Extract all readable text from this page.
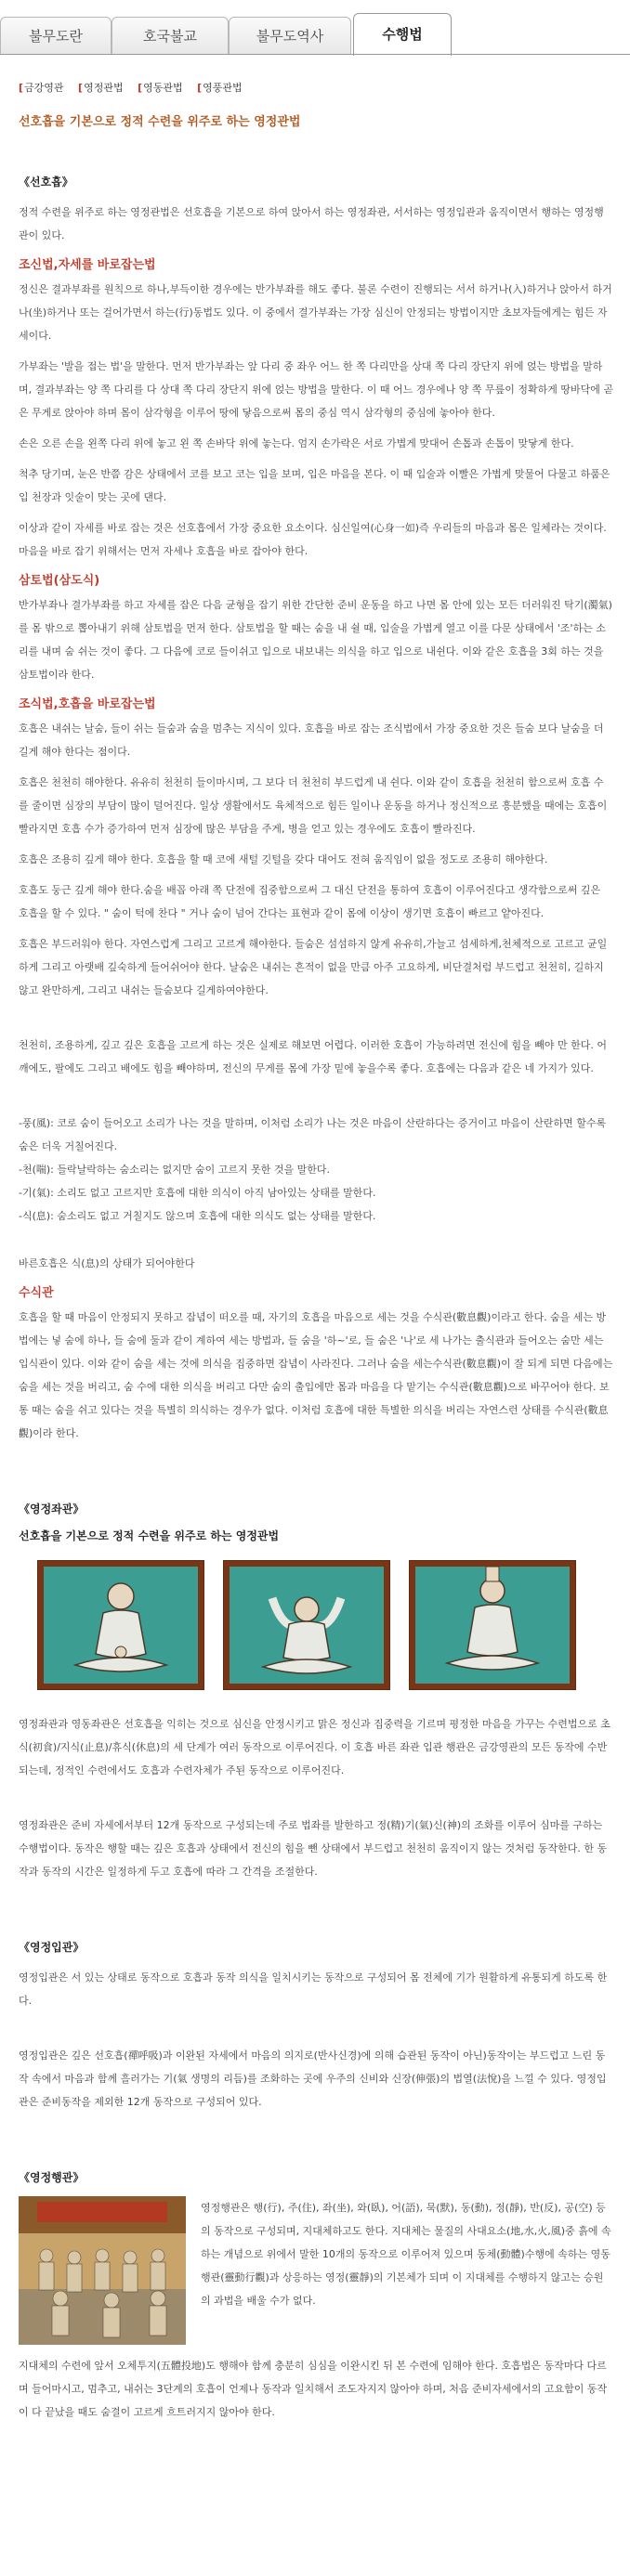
불무도란	호국불교	불무도역사	수행법
[ 금강영관 [ 영정관법 [ 영동관법 [ 영풍관법
선호흡을 기본으로 정적 수련을 위주로 하는 영정관법
《선호흡》

정적 수련을 위주로 하는 영정관법은 선호흡을 기본으로 하여 앉아서 하는 영정좌관, 서서하는 영정입관과 움직이면서 행하는 영정행관이 있다.

조신법,자세를 바로잡는법

정신은 결과부좌를 원칙으로 하나,부득이한 경우에는 반가부좌를 해도 좋다. 불론 수련이 진행되는 서서 하거나(入)하거나 앉아서 하거나(坐)하거나 또는 걸어가면서 하는(行)동법도 있다. 이 중에서 결가부좌는 가장 심신이 안정되는 방법이지만 초보자들에게는 힘든 자세이다.

가부좌는 '발을 접는 법'을 말한다. 먼저 반가부좌는 앞 다리 중 좌우 어느 한 쪽 다리만을 상대 쪽 다리 장단지 위에 얹는 방법을 말하며, 결과부좌는 양 쪽 다리를 다 상대 쪽 다리 장단지 위에 얹는 방법을 말한다. 이 때 어느 경우에나 양 쪽 무릎이 정확하게 땅바닥에 곧은 무게로 앉아야 하며 몸이 삼각형을 이루어 땅에 닿음으로써 몸의 중심 역시 삼각형의 중심에 놓아야 한다.

손은 오른 손을 왼쪽 다리 위에 놓고 왼 쪽 손바닥 위에 놓는다. 엄지 손가락은 서로 가볍게 맞대어 손톱과 손톱이 맞닿게 한다.

척추 당기며, 눈은 반쯤 감은 상태에서 코를 보고 코는 입을 보며, 입은 마음을 본다. 이 때 입술과 이빨은 가볍게 맞물어 다물고 하품은 입 천장과 잇술이 맞는 곳에 댄다.

이상과 같이 자세를 바로 잡는 것은 선호흡에서 가장 중요한 요소이다. 심신일여(心身一如)즉 우리들의 마음과 몸은 일체라는 것이다. 마음을 바로 잡기 위해서는 먼저 자세나 호흡을 바로 잡아야 한다.

삼토법(삼도식)

반가부좌나 결가부좌를 하고 자세를 잡은 다음 균형을 잡기 위한 간단한 준비 운동을 하고 나면 몸 안에 있는 모든 더러워진 탁기(濁氣)를 몸 밖으로 뽑아내기 위해 삼토법을 먼저 한다. 삼토법을 할 때는 숨을 내 쉴 때, 입술을 가볍게 열고 이를 다문 상태에서 '조'하는 소리를 내며 숨 쉬는 것이 좋다. 그 다음에 코로 들이쉬고 입으로 내보내는 의식을 하고 입으로 내쉰다. 이와 같은 호흡을 3회 하는 것을 삼토법이라 한다.

조식법,호흡을 바로잡는법

호흡은 내쉬는 날숨, 들이 쉬는 들숨과 숨을 멈추는 지식이 있다. 호흡을 바로 잡는 조식법에서 가장 중요한 것은 들숨 보다 날숨을 더 길게 해야 한다는 점이다.

호흡은 천천히 해야한다. 유유히 천천히 들이마시며, 그 보다 더 천천히 부드럽게 내 쉰다. 이와 같이 호흡을 천천히 함으로써 호흡 수를 줄이면 심장의 부담이 많이 덜어진다. 일상 생활에서도 육체적으로 힘든 일이나 운동을 하거나 정신적으로 흥분했을 때에는 호흡이 빨라지면 호흡 수가 증가하여 먼저 심장에 많은 부담을 주게, 병을 얻고 있는 경우에도 호흡이 빨라진다.

호흡은 조용히 깊게 해야 한다. 호흡을 할 때 코에 새털 깃털을 갖다 대어도 전혀 움직임이 없을 정도로 조용히 해야한다.

호흡도 둥근 깊게 해야 한다.숨을 배꼽 아래 쪽 단전에 집중함으로써 그 대신 단전을 통하여 호흡이 이루어진다고 생각함으로써 깊은 호흡을 할 수 있다. " 숨이 턱에 찬다 " 거나 숨이 넘어 간다는 표현과 같이 몸에 이상이 생기면 호흡이 빠르고 얕아진다.

호흡은 부드러워야 한다. 자연스럽게 그리고 고르게 해야한다. 들숨은 섬섬하지 않게 유유히,가늘고 섬세하게,천체적으로 고르고 균일하게 그리고 아랫배 깊숙하게 들어쉬어야 한다. 날숨은 내쉬는 흔적이 없을 만큼 아주 고요하게, 비단결처럼 부드럽고 천천히, 길하지 않고 완만하게, 그리고 내쉬는 들숨보다 길게하여야한다.

천천히, 조용하게, 깊고 깊은 호흡을 고르게 하는 것은 실제로 해보면 어렵다. 이러한 호흡이 가능하려면 전신에 힘을 빼야 만 한다. 어깨에도, 팔에도 그리고 배에도 힘을 빼야하며, 전신의 무게를 몸에 가장 밑에 놓을수록 좋다. 호흡에는 다음과 같은 네 가지가 있다.

-풍(風): 코로 숨이 들어오고 소리가 나는 것을 말하며, 이처럼 소리가 나는 것은 마음이 산란하다는 증거이고 마음이 산란하면 할수록 숨은 더욱 거칠어진다.

-천(喘): 들락날락하는 숨소리는 없지만 숨이 고르지 못한 것을 말한다.

-기(氣): 소리도 없고 고르지만 호흡에 대한 의식이 아직 남아있는 상태를 말한다.

-식(息): 숨소리도 없고 거칠지도 않으며 호흡에 대한 의식도 없는 상태를 말한다.

바른호흡은 식(息)의 상태가 되어야한다

수식관

호흡을 할 때 마음이 안정되지 못하고 잡념이 떠오를 때, 자기의 호흡을 마음으로 세는 것을 수식관(數息觀)이라고 한다. 숨을 세는 방법에는 넣 숨에 하나, 들 숨에 둘과 같이 계하여 세는 방법과, 들 숨을 '하~'로, 들 숨은 '나'로 세 나가는 출식관과 들어오는 숨만 세는 입식관이 있다. 이와 같이 숨을 세는 것에 의식을 집중하면 잡념이 사라진다. 그러나 숨을 세는수식관(數息觀)이 잘 되게 되면 다음에는 숨을 세는 것을 버리고, 숨 수에 대한 의식을 버리고 다만 숨의 출입에만 몸과 마음을 다 맡기는 수식관(數息觀)으로 바꾸어야 한다. 보통 때는 숨을 쉬고 있다는 것을 특별히 의식하는 경우가 없다. 이처럼 호흡에 대한 특별한 의식을 버리는 자연스런 상태를 수식관(數息觀)이라 한다.

《영정좌관》
선호흡을 기본으로 정적 수련을 위주로 하는 영정관법

영정좌관과 영동좌관은 선호흡을 익히는 것으로 심신을 안정시키고 맑은 정신과 집중력을 기르며 평정한 마음을 가꾸는 수련법으로 초식(初食)/지식(止息)/휴식(休息)의 세 단계가 여러 동작으로 이루어진다. 이 호흡 바른 좌관 입관 행관은 금강영관의 모든 동작에 수반되는데, 정적인 수련에서도 호흡과 수련자체가 주된 동작으로 이루어진다.

영정좌관은 준비 자세에서부터 12개 동작으로 구성되는데 주로 법좌를 발한하고 정(精)기(氣)신(神)의 조화를 이루어 심마를 구하는 수행법이다. 동작은 행할 때는 깊은 호흡과 상태에서 전신의 힘을 뺀 상태에서 부드럽고 천천히 움직이지 않는 것처럼 동작한다. 한 동작과 동작의 시간은 일정하게 두고 호흡에 따라 그 간격을 조절한다.

《영정입관》

영정입관은 서 있는 상태로 동작으로 호흡과 동작 의식을 일치시키는 동작으로 구성되어 몸 전체에 기가 원활하게 유통되게 하도록 한다.

영정입관은 깊은 선호흡(禪呼吸)과 이완된 자세에서 마음의 의지로(반사신경)에 의해 습관된 동작이 아닌)동작이는 부드럽고 느린 동작 속에서 마음과 함께 흘러가는 기(氣 생명의 리듬)를 조화하는 곳에 우주의 신비와 신장(伸張)의 법열(法悅)을 느낄 수 있다. 영정입관은 준비동작을 제외한 12개 동작으로 구성되어 있다.

《영정행관》

영정행관은 행(行), 주(住), 좌(坐), 와(臥), 어(語), 묵(默), 동(動), 정(靜), 반(反), 공(空) 등의 동작으로 구성되며, 지대체하고도 한다. 지대체는 물질의 사대요소(地,水,火,風)중 흙에 속하는 개념으로 위에서 말한 10개의 동작으로 이루어져 있으며 동체(動體)수행에 속하는 영동행관(靈動行觀)과 상응하는 영정(靈靜)의 기본체가 되며 이 지대체를 수행하지 않고는 승원의 과법을 배울 수가 없다.

지대체의 수련에 앞서 오체투지(五體投地)도 행해야 함께 충분히 심심을 이완시킨 뒤 본 수련에 임해야 한다. 호흡법은 동작마다 다르며 들어마시고, 멈추고, 내쉬는 3단계의 호흡이 언제나 동작과 일치해서 조도자지지 않아야 하며, 처음 준비자세에서의 고요함이 동작이 다 끝났을 때도 숨결이 고르게 흐트러지지 않아야 한다.
